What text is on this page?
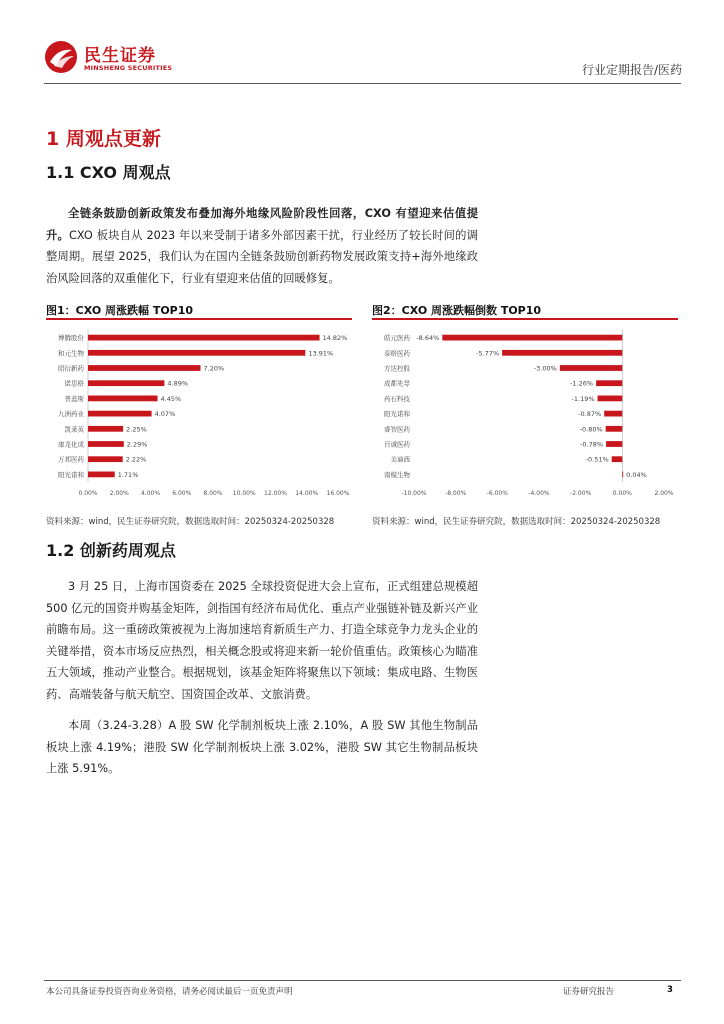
民生证券
MINSHENG SECURITIES	行业定期报告/医药
1 周观点更新
1.1 CXO 周观点
全链条鼓励创新政策发布叠加海外地缘风险阶段性回落，CXO 有望迎来估值提升。CXO 板块自从 2023 年以来受制于诸多外部因素干扰，行业经历了较长时间的调整周期。展望 2025，我们认为在国内全链条鼓励创新药物发展政策支持+海外地缘政治风险回落的双重催化下，行业有望迎来估值的回暖修复。
图1：CXO 周涨跌幅 TOP10
博腾股份	14.82%
和元生物	13.91%
昭衍新药	7.20%
诺思格	4.89%
普蕊斯	4.45%
九洲药业	4.07%
凯莱英	2.25%
康龙化成	2.29%
万邦医药	2.22%
阳光诺和	1.71%
0.00% 2.00% 4.00% 6.00% 8.00% 10.00% 12.00% 14.00% 16.00%
资料来源：wind，民生证券研究院，数据选取时间：20250324-20250328
图2：CXO 周涨跌幅倒数 TOP10
皓元医药 -8.64%
泰格医药	-5.77%
方达控股	-3.00%
成都先导	-1.26%
药石科技	-1.19%
阳光诺和	-0.87%
睿智医药	-0.80%
百诚医药	-0.78%
美迪西	-0.51%
南模生物	0.04%
-10.00%	-8.00%	-6.00%	-4.00%	-2.00%	0.00%	2.00%
资料来源：wind，民生证券研究院，数据选取时间：20250324-20250328
1.2 创新药周观点
3 月 25 日，上海市国资委在 2025 全球投资促进大会上宣布，正式组建总规模超 500 亿元的国资并购基金矩阵，剑指国有经济布局优化、重点产业强链补链及新兴产业前瞻布局。这一重磅政策被视为上海加速培育新质生产力、打造全球竞争力龙头企业的关键举措，资本市场反应热烈，相关概念股或将迎来新一轮价值重估。政策核心为瞄准五大领域，推动产业整合。根据规划，该基金矩阵将聚焦以下领域：集成电路、生物医药、高端装备与航天航空、国资国企改革、文旅消费。
本周（3.24-3.28）A 股 SW 化学制剂板块上涨 2.10%，A 股 SW 其他生物制品板块上涨 4.19%；港股 SW 化学制剂板块上涨 3.02%，港股 SW 其它生物制品板块上涨 5.91%。
本公司具备证券投资咨询业务资格，请务必阅读最后一页免责声明	证券研究报告	3
